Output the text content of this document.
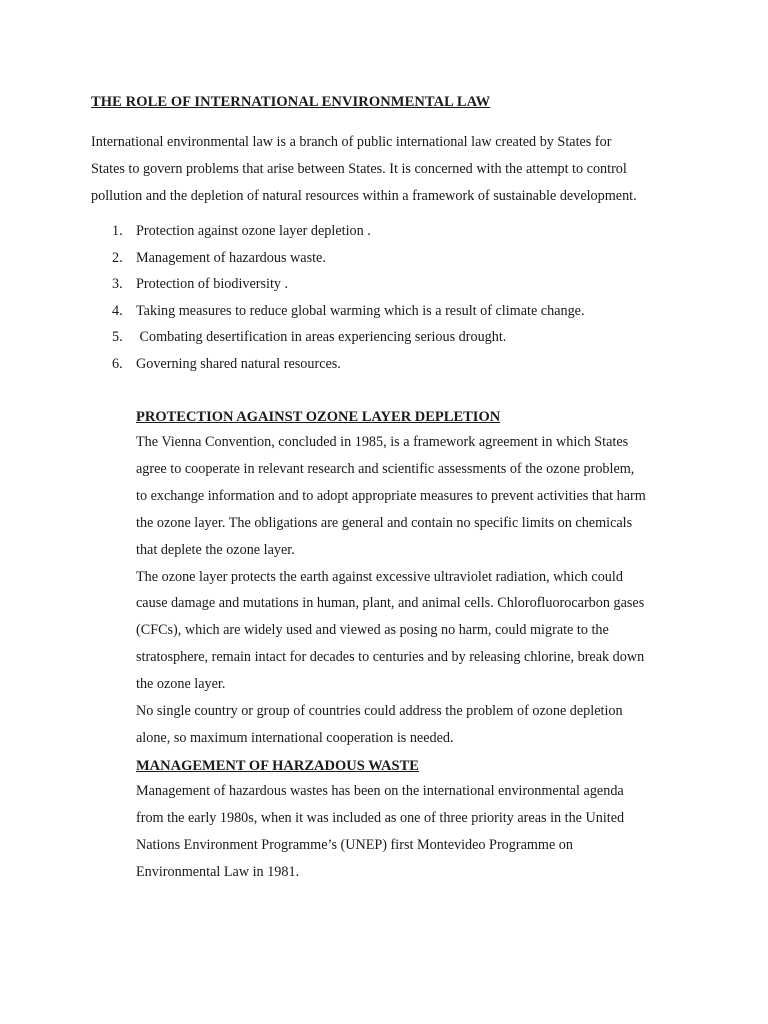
THE ROLE OF INTERNATIONAL ENVIRONMENTAL LAW

International environmental law is a branch of public international law created by States for
States to govern problems that arise between States. It is concerned with the attempt to control
pollution and the depletion of natural resources within a framework of sustainable development.

1. Protection against ozone layer depletion .
2. Management of hazardous waste.
3. Protection of biodiversity .
4. Taking measures to reduce global warming which is a result of climate change.
5. Combating desertification in areas experiencing serious drought.
6. Governing shared natural resources.
PROTECTION AGAINST OZONE LAYER DEPLETION

The Vienna Convention, concluded in 1985, is a framework agreement in which States
agree to cooperate in relevant research and scientific assessments of the ozone problem,
to exchange information and to adopt appropriate measures to prevent activities that harm
the ozone layer. The obligations are general and contain no specific limits on chemicals
that deplete the ozone layer.

The ozone layer protects the earth against excessive ultraviolet radiation, which could
cause damage and mutations in human, plant, and animal cells. Chlorofluorocarbon gases
(CFCs), which are widely used and viewed as posing no harm, could migrate to the
stratosphere, remain intact for decades to centuries and by releasing chlorine, break down
the ozone layer.

No single country or group of countries could address the problem of ozone depletion
alone, so maximum international cooperation is needed.

MANAGEMENT OF HARZADOUS WASTE

Management of hazardous wastes has been on the international environmental agenda
from the early 1980s, when it was included as one of three priority areas in the United
Nations Environment Programme’s (UNEP) first Montevideo Programme on
Environmental Law in 1981.
